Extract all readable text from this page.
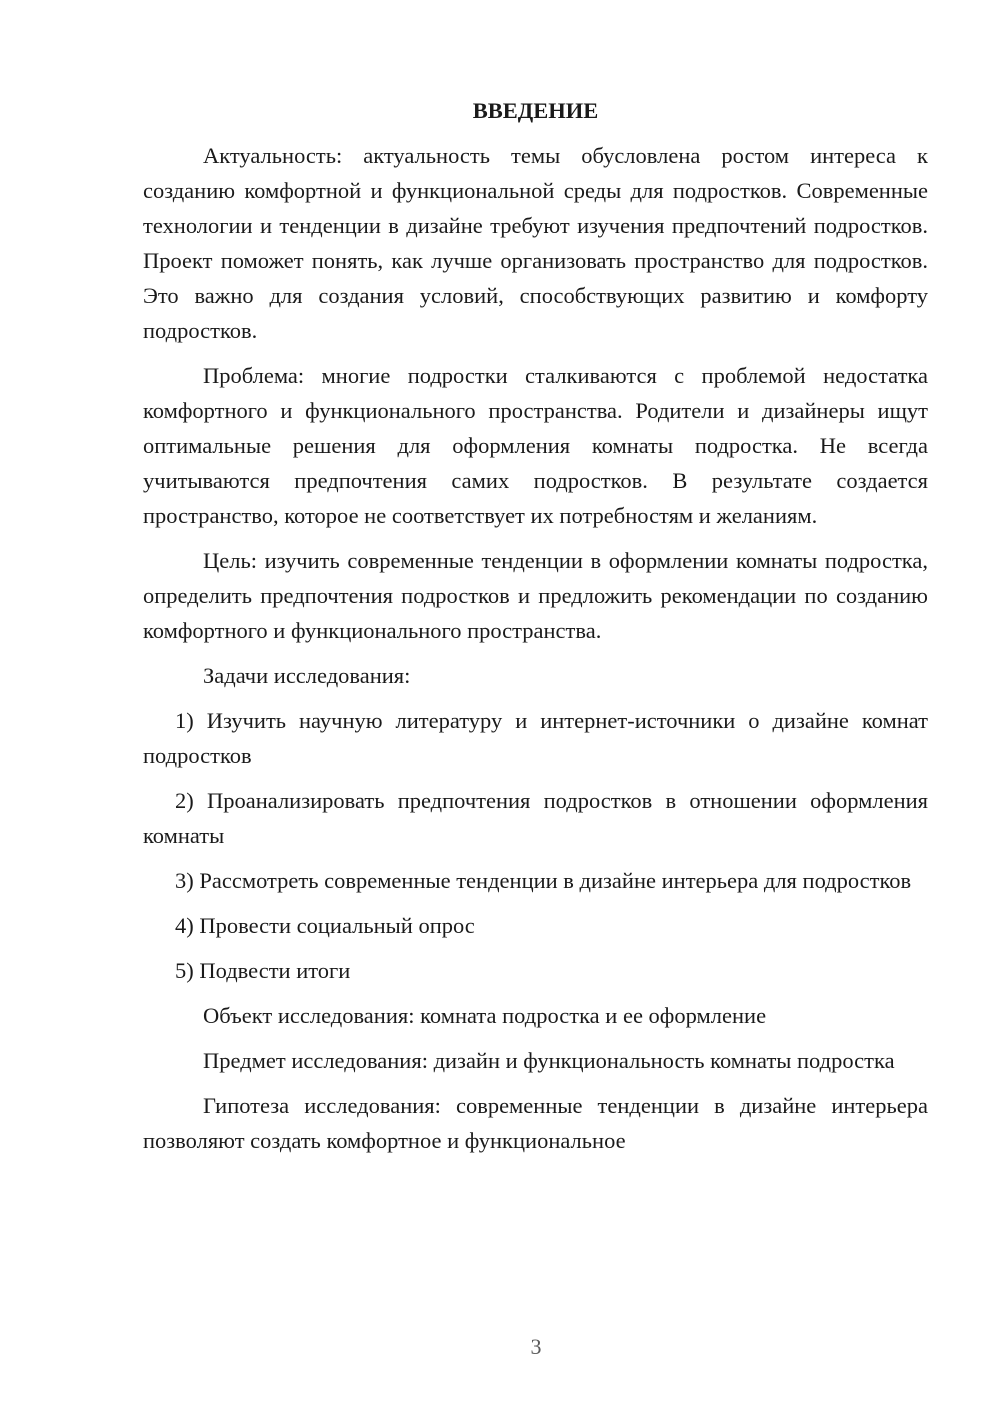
ВВЕДЕНИЕ

Актуальность: актуальность темы обусловлена ростом интереса к созданию комфортной и функциональной среды для подростков. Современные технологии и тенденции в дизайне требуют изучения предпочтений подростков. Проект поможет понять, как лучше организовать пространство для подростков. Это важно для создания условий, способствующих развитию и комфорту подростков.

Проблема: многие подростки сталкиваются с проблемой недостатка комфортного и функционального пространства. Родители и дизайнеры ищут оптимальные решения для оформления комнаты подростка. Не всегда учитываются предпочтения самих подростков. В результате создается пространство, которое не соответствует их потребностям и желаниям.

Цель: изучить современные тенденции в оформлении комнаты подростка, определить предпочтения подростков и предложить рекомендации по созданию комфортного и функционального пространства.

Задачи исследования:

1) Изучить научную литературу и интернет-источники о дизайне комнат подростков

2) Проанализировать предпочтения подростков в отношении оформления комнаты

3) Рассмотреть современные тенденции в дизайне интерьера для подростков

4) Провести социальный опрос

5) Подвести итоги

Объект исследования: комната подростка и ее оформление

Предмет исследования: дизайн и функциональность комнаты подростка

Гипотеза исследования: современные тенденции в дизайне интерьера позволяют создать комфортное и функциональное

3
